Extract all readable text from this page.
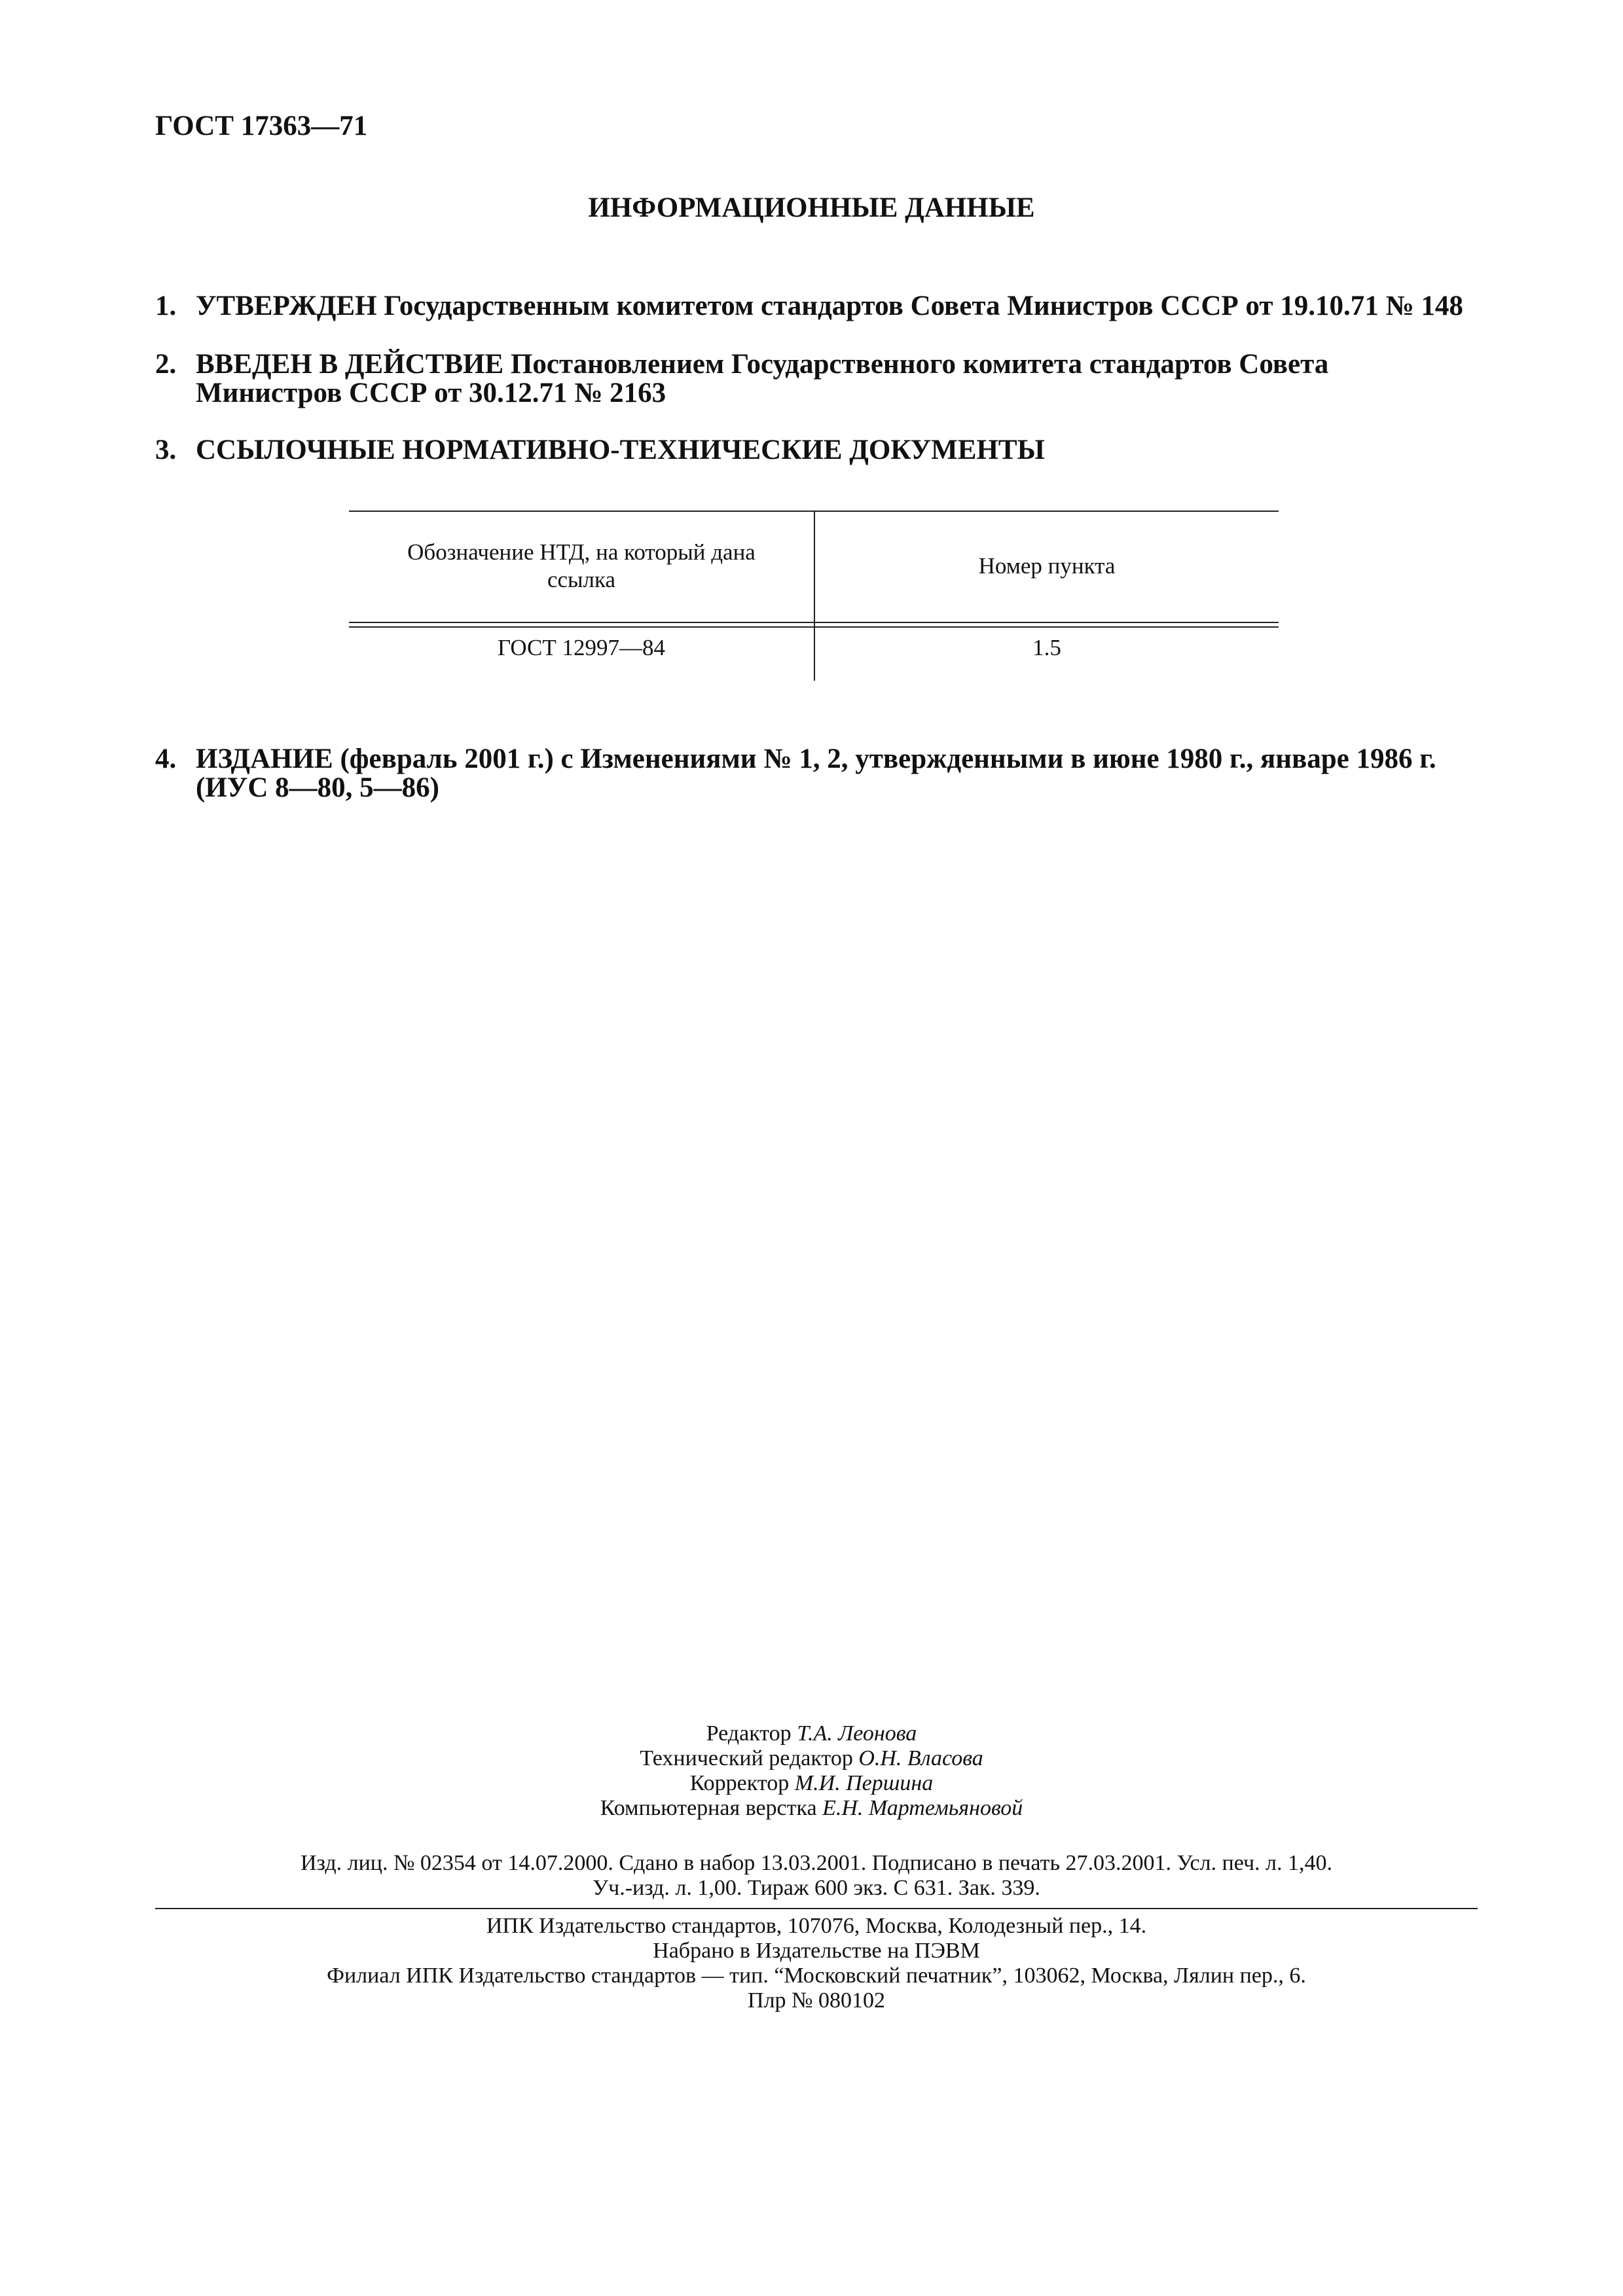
ГОСТ 17363—71
ИНФОРМАЦИОННЫЕ ДАННЫЕ
1. УТВЕРЖДЕН Государственным комитетом стандартов Совета Министров СССР от 19.10.71 № 148
2. ВВЕДЕН В ДЕЙСТВИЕ Постановлением Государственного комитета стандартов Совета Министров СССР от 30.12.71 № 2163
3. ССЫЛОЧНЫЕ НОРМАТИВНО-ТЕХНИЧЕСКИЕ ДОКУМЕНТЫ
Обозначение НТД, на который дана ссылка
Номер пункта
ГОСТ 12997—84	1.5
4. ИЗДАНИЕ (февраль 2001 г.) с Изменениями № 1, 2, утвержденными в июне 1980 г., январе 1986 г. (ИУС 8—80, 5—86)
Редактор Т.А. Леонова
Технический редактор О.Н. Власова
Корректор М.И. Першина
Компьютерная верстка Е.Н. Мартемьяновой
Изд. лиц. № 02354 от 14.07.2000. Сдано в набор 13.03.2001. Подписано в печать 27.03.2001. Усл. печ. л. 1,40.
Уч.-изд. л. 1,00. Тираж 600 экз. С 631. Зак. 339.
ИПК Издательство стандартов, 107076, Москва, Колодезный пер., 14.
Набрано в Издательстве на ПЭВМ
Филиал ИПК Издательство стандартов — тип. “Московский печатник”, 103062, Москва, Лялин пер., 6.
Плр № 080102
